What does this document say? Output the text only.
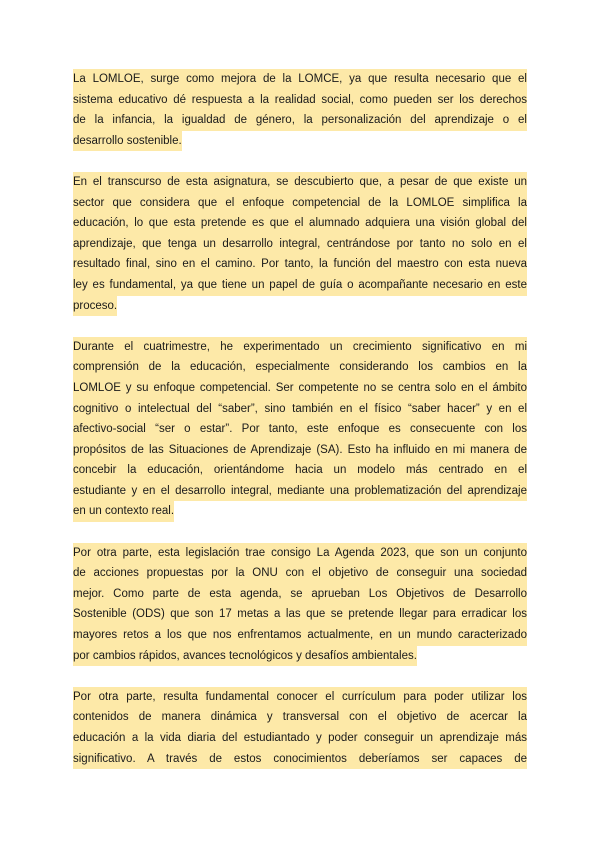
La LOMLOE, surge como mejora de la LOMCE, ya que resulta necesario que el
sistema educativo dé respuesta a la realidad social, como pueden ser los derechos
de la infancia, la igualdad de género, la personalización del aprendizaje o el
desarrollo sostenible.
En el transcurso de esta asignatura, se descubierto que, a pesar de que existe un
sector que considera que el enfoque competencial de la LOMLOE simplifica la
educación, lo que esta pretende es que el alumnado adquiera una visión global del
aprendizaje, que tenga un desarrollo integral, centrándose por tanto no solo en el
resultado final, sino en el camino. Por tanto, la función del maestro con esta nueva
ley es fundamental, ya que tiene un papel de guía o acompañante necesario en este
proceso.
Durante el cuatrimestre, he experimentado un crecimiento significativo en mi
comprensión de la educación, especialmente considerando los cambios en la
LOMLOE y su enfoque competencial. Ser competente no se centra solo en el ámbito
cognitivo o intelectual del “saber”, sino también en el físico “saber hacer” y en el
afectivo-social “ser o estar”. Por tanto, este enfoque es consecuente con los
propósitos de las Situaciones de Aprendizaje (SA). Esto ha influido en mi manera de
concebir la educación, orientándome hacia un modelo más centrado en el
estudiante y en el desarrollo integral, mediante una problematización del aprendizaje
en un contexto real.
Por otra parte, esta legislación trae consigo La Agenda 2023, que son un conjunto
de acciones propuestas por la ONU con el objetivo de conseguir una sociedad
mejor. Como parte de esta agenda, se aprueban Los Objetivos de Desarrollo
Sostenible (ODS) que son 17 metas a las que se pretende llegar para erradicar los
mayores retos a los que nos enfrentamos actualmente, en un mundo caracterizado
por cambios rápidos, avances tecnológicos y desafíos ambientales.
Por otra parte, resulta fundamental conocer el currículum para poder utilizar los
contenidos de manera dinámica y transversal con el objetivo de acercar la
educación a la vida diaria del estudiantado y poder conseguir un aprendizaje más
significativo. A través de estos conocimientos deberíamos ser capaces de
